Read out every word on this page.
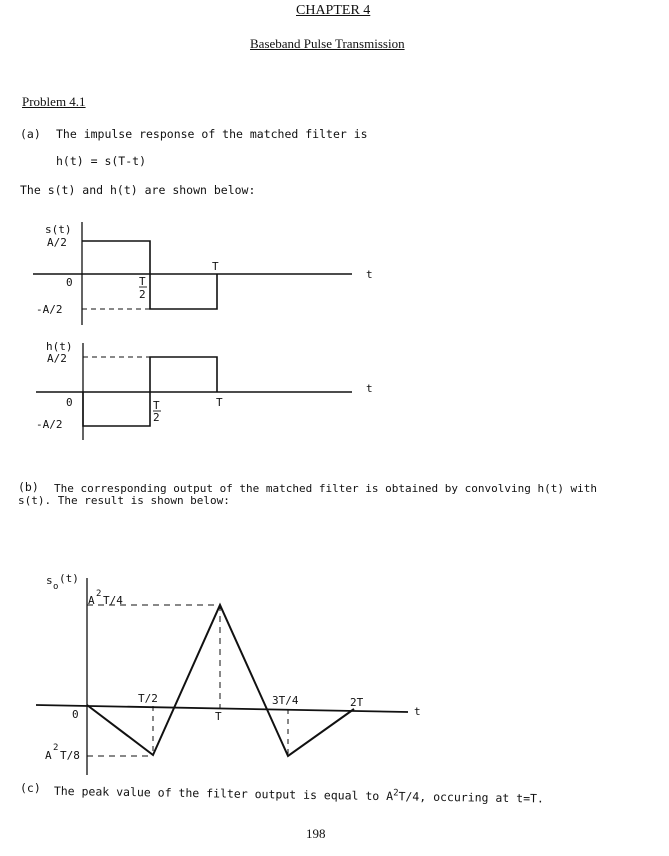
CHAPTER 4
Baseband Pulse Transmission
Problem 4.1
(a) The impulse response of the matched filter is
h(t) = s(T-t)
The s(t) and h(t) are shown below:
s(t)
A/2
0	T
2
T
t
-A/2
h(t)
A/2
t
0	T
2
T
-A/2
s o
(t)
A 2 T/4
T/2	3T/4	2T
0	T	t
A
2
T/8
(b) The corresponding output of the matched filter is obtained by convolving h(t) with
s(t). The result is shown below:
(c) The peak value of the filter output is equal to $A^2T/4$, occuring at t=T.
198
